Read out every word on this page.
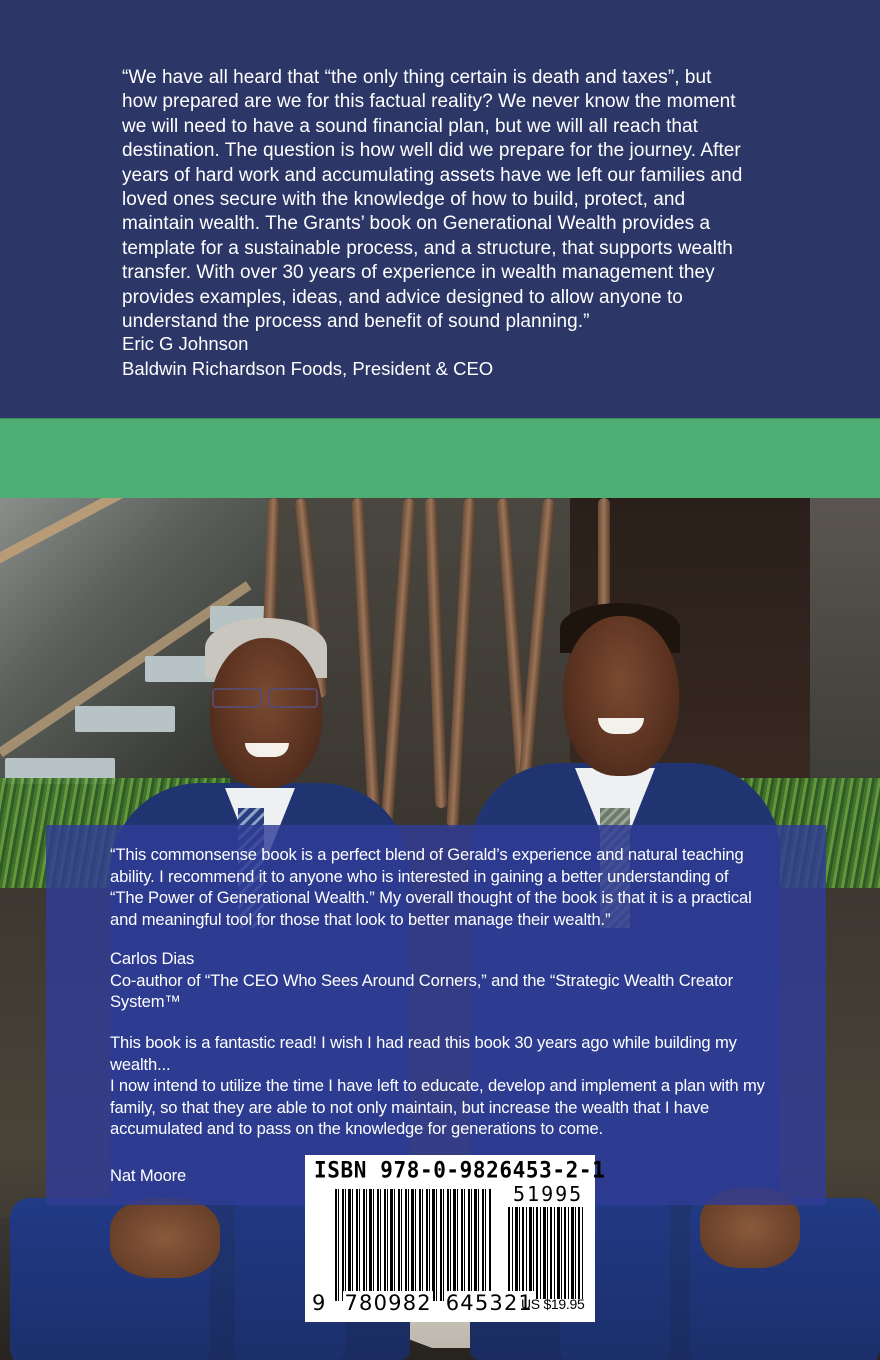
“We have all heard that “the only thing certain is death and taxes”, but
how prepared are we for this factual reality? We never know the moment
we will need to have a sound financial plan, but we will all reach that
destination. The question is how well did we prepare for the journey. After
years of hard work and accumulating assets have we left our families and
loved ones secure with the knowledge of how to build, protect, and
maintain wealth. The Grants’ book on Generational Wealth provides a
template for a sustainable process, and a structure, that supports wealth
transfer. With over 30 years of experience in wealth management they
provides examples, ideas, and advice designed to allow anyone to
understand the process and benefit of sound planning.”
Eric G Johnson
Baldwin Richardson Foods, President & CEO
“This commonsense book is a perfect blend of Gerald’s experience and natural teaching
ability. I recommend it to anyone who is interested in gaining a better understanding of
“The Power of Generational Wealth.” My overall thought of the book is that it is a practical
and meaningful tool for those that look to better manage their wealth.”
Carlos Dias
Co-author of “The CEO Who Sees Around Corners,” and the “Strategic Wealth Creator
System™
This book is a fantastic read! I wish I had read this book 30 years ago while building my
wealth...
I now intend to utilize the time I have left to educate, develop and implement a plan with my
family, so that they are able to not only maintain, but increase the wealth that I have
accumulated and to pass on the knowledge for generations to come.
Nat Moore	ISBN 978-0-9826453-2-1
51995
9 780982 645321
US $19.95
